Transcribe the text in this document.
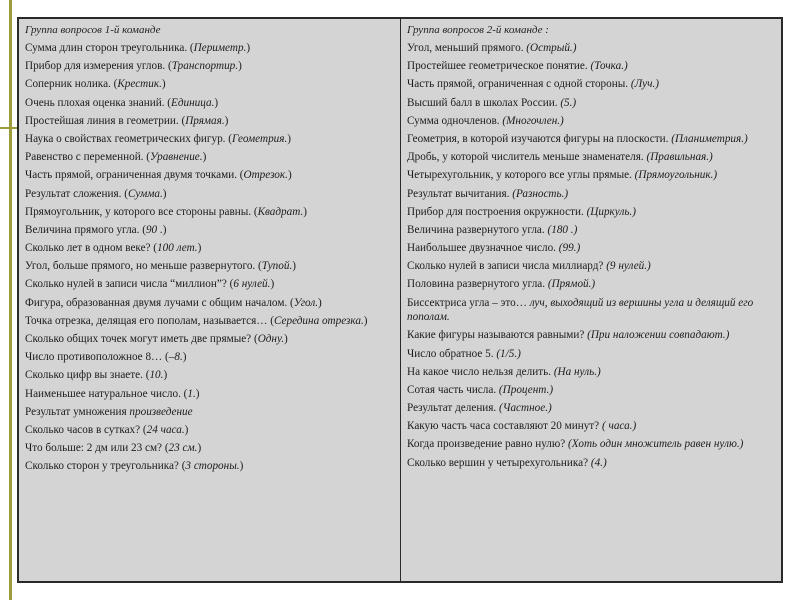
Группа вопросов 1-й команде
Сумма длин сторон треугольника. (Периметр.)
Прибор для измерения углов. (Транспортир.)
Соперник нолика. (Крестик.)
Очень плохая оценка знаний. (Единица.)
Простейшая линия в геометрии. (Прямая.)
Наука о свойствах геометрических фигур. (Геометрия.)
Равенство с переменной. (Уравнение.)
Часть прямой, ограниченная двумя точками. (Отрезок.)
Результат сложения. (Сумма.)
Прямоугольник, у которого все стороны равны. (Квадрат.)
Величина прямого угла. (90 .)
Сколько лет в одном веке? (100 лет.)
Угол, больше прямого, но меньше развернутого. (Тупой.)
Сколько нулей в записи числа “миллион”? (6 нулей.)
Фигура, образованная двумя лучами с общим началом. (Угол.)
Точка отрезка, делящая его пополам, называется… (Середина отрезка.)
Сколько общих точек могут иметь две прямые? (Одну.)
Число противоположное 8… (–8.)
Сколько цифр вы знаете. (10.)
Наименьшее натуральное число. (1.)
Результат умножения произведение
Сколько часов в сутках? (24 часа.)
Что больше: 2 дм или 23 см? (23 см.)
Сколько сторон у треугольника? (3 стороны.)
Группа вопросов 2-й команде :
Угол, меньший прямого. (Острый.)
Простейшее геометрическое понятие. (Точка.)
Часть прямой, ограниченная с одной стороны. (Луч.)
Высший балл в школах России. (5.)
Сумма одночленов. (Многочлен.)
Геометрия, в которой изучаются фигуры на плоскости. (Планиметрия.)
Дробь, у которой числитель меньше знаменателя. (Правильная.)
Четырехугольник, у которого все углы прямые. (Прямоугольник.)
Результат вычитания. (Разность.)
Прибор для построения окружности. (Циркуль.)
Величина развернутого угла. (180 .)
Наибольшее двузначное число. (99.)
Сколько нулей в записи числа миллиард? (9 нулей.)
Половина развернутого угла. (Прямой.)
Биссектриса угла – это… луч, выходящий из вершины угла и делящий его пополам.
Какие фигуры называются равными? (При наложении совпадают.)
Число обратное 5. (1/5.)
На какое число нельзя делить. (На нуль.)
Сотая часть числа. (Процент.)
Результат деления. (Частное.)
Какую часть часа составляют 20 минут? ( часа.)
Когда произведение равно нулю? (Хоть один множитель равен нулю.)
Сколько вершин у четырехугольника? (4.)
